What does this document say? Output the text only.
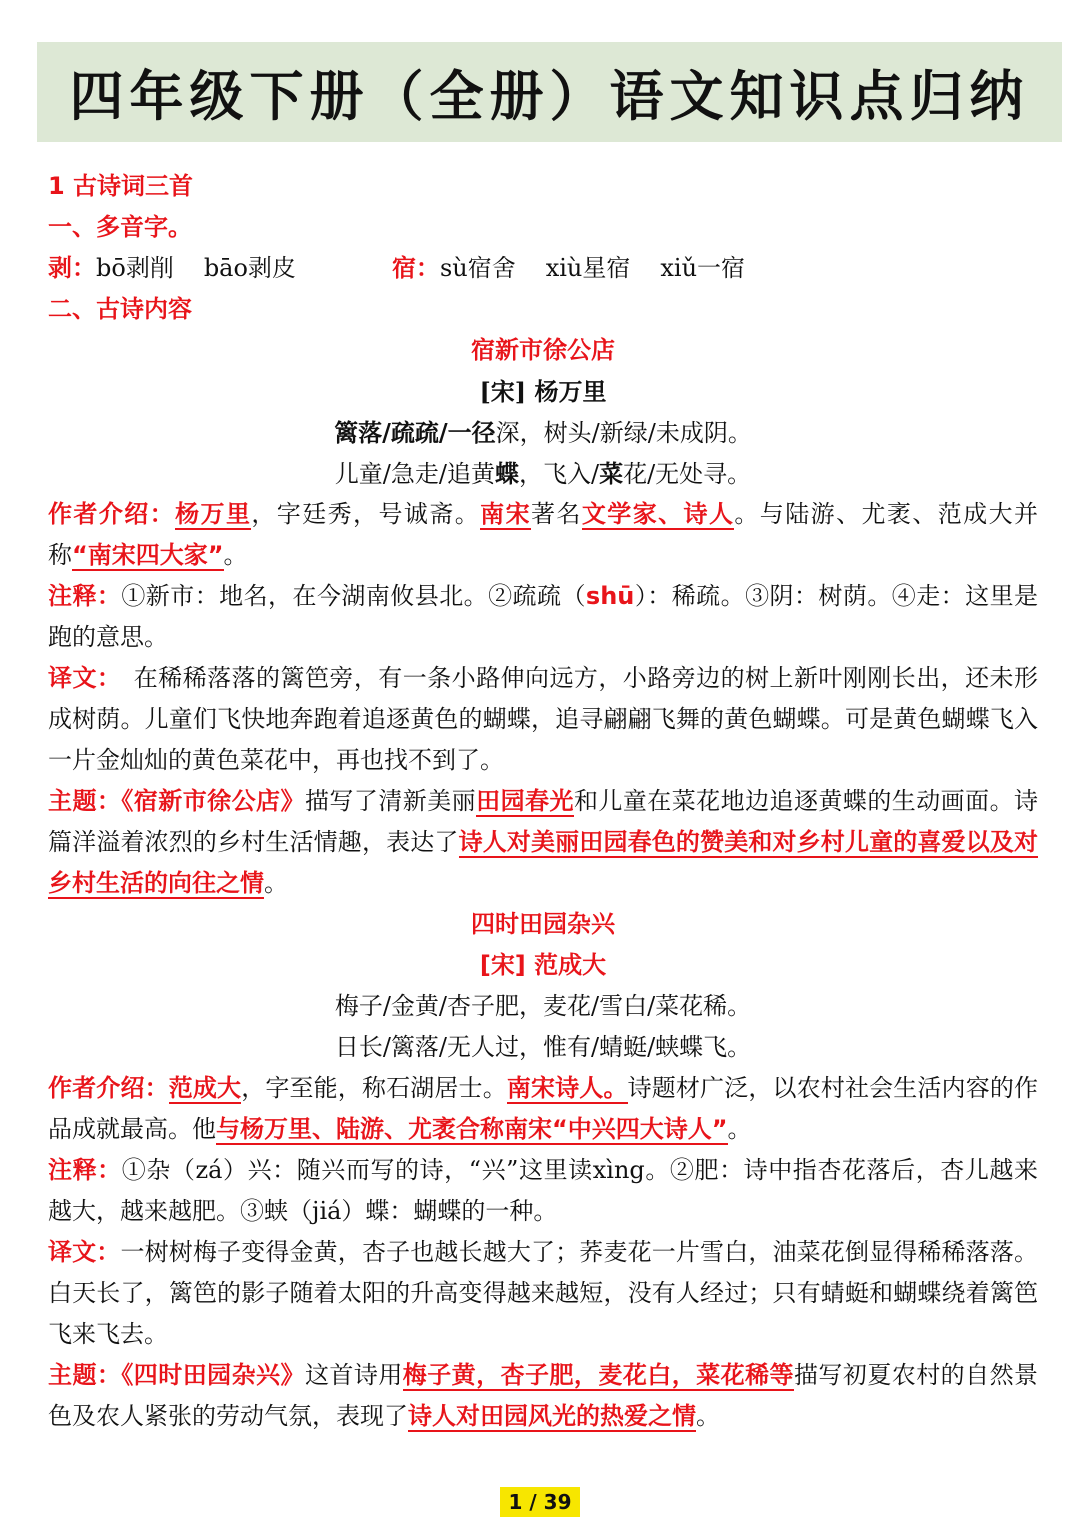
四年级下册（全册）语文知识点归纳
1 古诗词三首
一、多音字。
剥：bō剥削 bāo剥皮	宿：sù宿舍 xiù星宿 xiǔ一宿
二、古诗内容
宿新市徐公店
[宋] 杨万里
篱落/疏疏/一径深，树头/新绿/未成阴。
儿童/急走/追黄蝶，飞入/菜花/无处寻。
作者介绍：杨万里，字廷秀，号诚斋。南宋著名文学家、诗人。与陆游、尤袤、范成大并称“南宋四大家”。
注释：①新市：地名，在今湖南攸县北。②疏疏（shū）：稀疏。③阴：树荫。④走：这里是跑的意思。
译文：　在稀稀落落的篱笆旁，有一条小路伸向远方，小路旁边的树上新叶刚刚长出，还未形成树荫。儿童们飞快地奔跑着追逐黄色的蝴蝶，追寻翩翩飞舞的黄色蝴蝶。可是黄色蝴蝶飞入一片金灿灿的黄色菜花中，再也找不到了。
主题：《宿新市徐公店》描写了清新美丽田园春光和儿童在菜花地边追逐黄蝶的生动画面。诗篇洋溢着浓烈的乡村生活情趣，表达了诗人对美丽田园春色的赞美和对乡村儿童的喜爱以及对乡村生活的向往之情。
四时田园杂兴
[宋] 范成大
梅子/金黄/杏子肥，麦花/雪白/菜花稀。
日长/篱落/无人过，惟有/蜻蜓/蛱蝶飞。
作者介绍：范成大，字至能，称石湖居士。南宋诗人。诗题材广泛，以农村社会生活内容的作品成就最高。他与杨万里、陆游、尤袤合称南宋“中兴四大诗人”。
注释：①杂（zá）兴：随兴而写的诗，“兴”这里读xìng。②肥：诗中指杏花落后，杏儿越来越大，越来越肥。③蛱（jiá）蝶：蝴蝶的一种。
译文：一树树梅子变得金黄，杏子也越长越大了；荞麦花一片雪白，油菜花倒显得稀稀落落。白天长了，篱笆的影子随着太阳的升高变得越来越短，没有人经过；只有蜻蜓和蝴蝶绕着篱笆飞来飞去。
主题：《四时田园杂兴》这首诗用梅子黄，杏子肥，麦花白，菜花稀等描写初夏农村的自然景色及农人紧张的劳动气氛，表现了诗人对田园风光的热爱之情。
1 / 39
